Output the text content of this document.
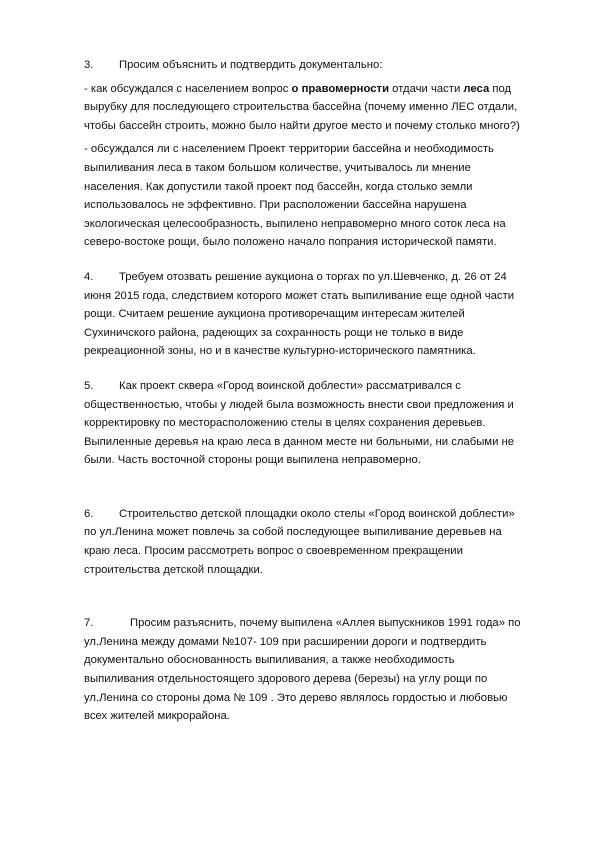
3. Просим объяснить и подтвердить документально:

- как обсуждался с населением вопрос о правомерности отдачи части леса под вырубку для последующего строительства бассейна (почему именно ЛЕС отдали, чтобы бассейн строить, можно было найти другое место и почему столько много?)

- обсуждался ли с населением Проект территории бассейна и необходимость выпиливания леса в таком большом количестве, учитывалось ли мнение населения. Как допустили такой проект под бассейн, когда столько земли использовалось не эффективно. При расположении бассейна нарушена экологическая целесообразность, выпилено неправомерно много соток леса на северо-востоке рощи, было положено начало попрания исторической памяти.

4. Требуем отозвать решение аукциона о торгах по ул.Шевченко, д. 26 от 24 июня 2015 года, следствием которого может стать выпиливание еще одной части рощи. Считаем решение аукциона противоречащим интересам жителей Сухиничского района, радеющих за сохранность рощи не только в виде рекреационной зоны, но и в качестве культурно-исторического памятника.

5. Как проект сквера «Город воинской доблести» рассматривался с общественностью, чтобы у людей была возможность внести свои предложения и корректировку по месторасположению стелы в целях сохранения деревьев. Выпиленные деревья на краю леса в данном месте ни больными, ни слабыми не были. Часть восточной стороны рощи выпилена неправомерно.

6. Строительство детской площадки около стелы «Город воинской доблести» по ул.Ленина может повлечь за собой последующее выпиливание деревьев на краю леса. Просим рассмотреть вопрос о своевременном прекращении строительства детской площадки.

7.	Просим разъяснить, почему выпилена «Аллея выпускников 1991 года» по ул.Ленина между домами №107- 109 при расширении дороги и подтвердить документально обоснованность выпиливания, а также необходимость выпиливания отдельностоящего здорового дерева (березы) на углу рощи по ул.Ленина со стороны дома № 109 . Это дерево являлось гордостью и любовью всех жителей микрорайона.
